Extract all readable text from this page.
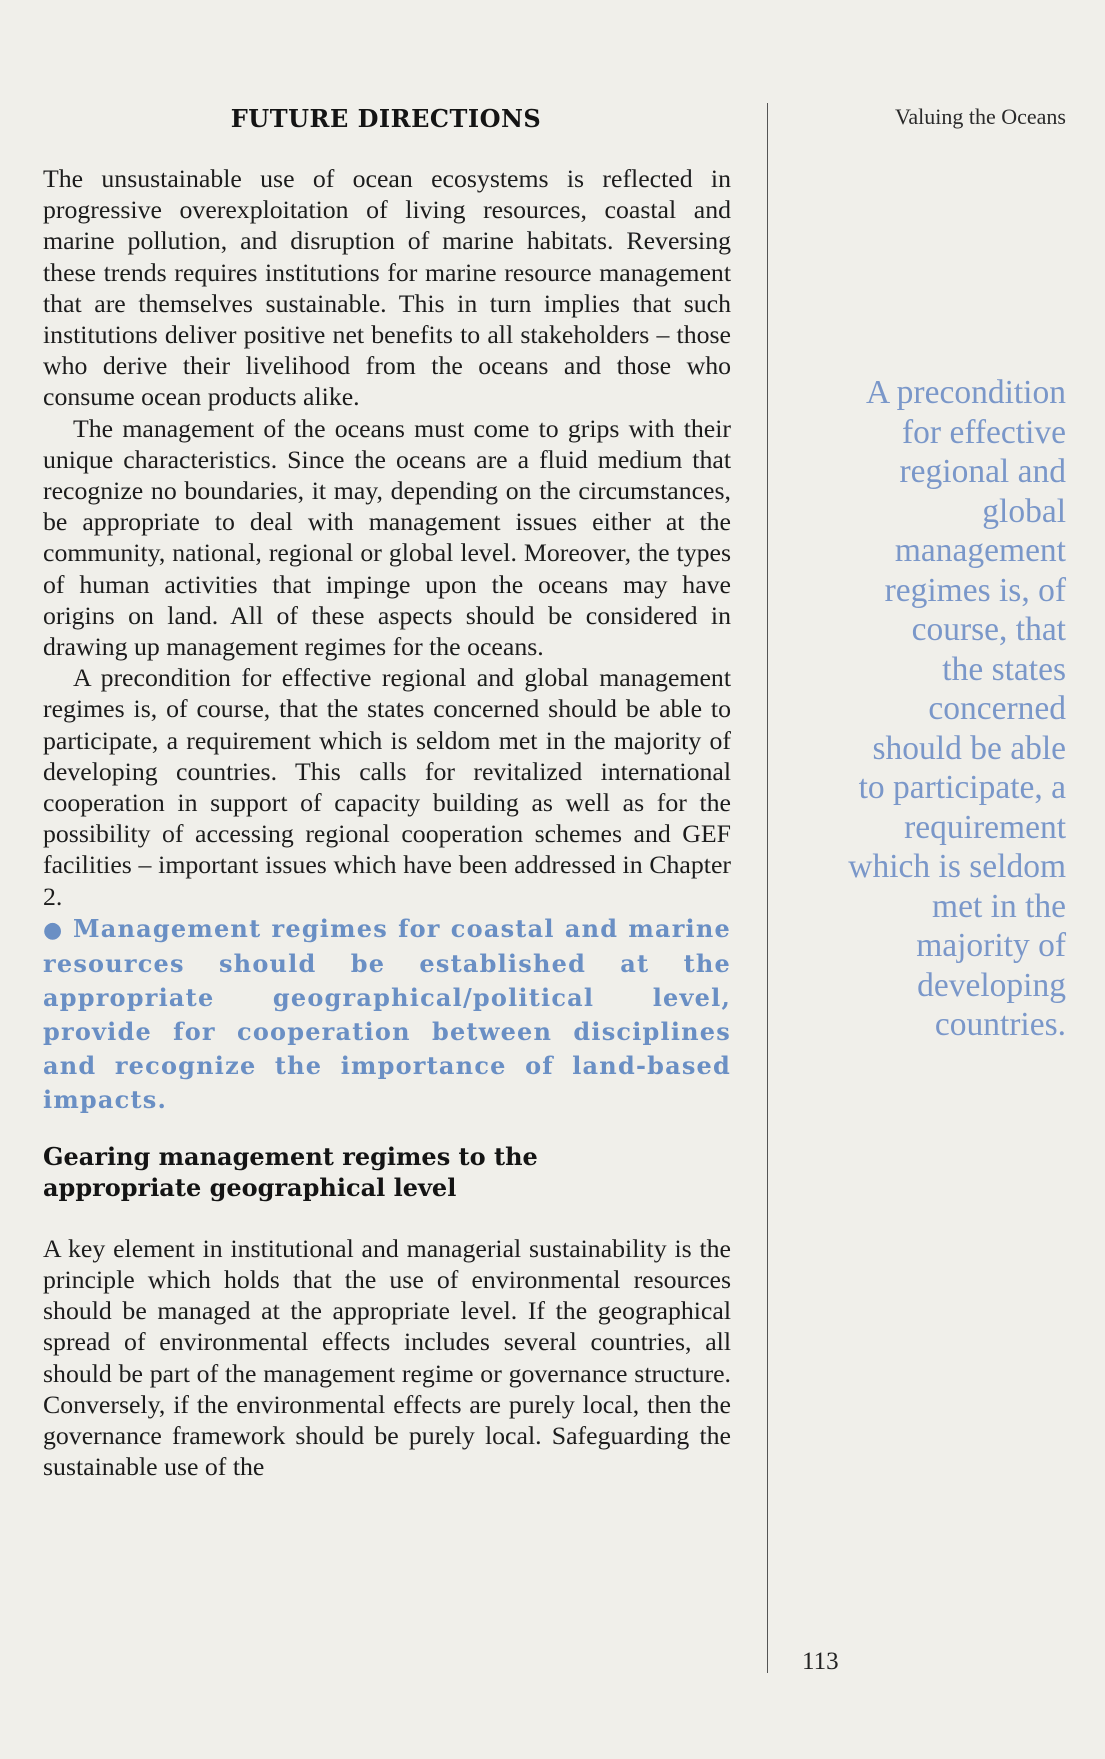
FUTURE DIRECTIONS

The unsustainable use of ocean ecosystems is reflected in progressive overexploitation of living resources, coastal and marine pollution, and disruption of marine habitats. Reversing these trends requires institutions for marine resource management that are themselves sustainable. This in turn implies that such institutions deliver positive net benefits to all stakeholders – those who derive their livelihood from the oceans and those who consume ocean products alike.

The management of the oceans must come to grips with their unique characteristics. Since the oceans are a fluid medium that recognize no boundaries, it may, depending on the circumstances, be appropriate to deal with management issues either at the community, national, regional or global level. Moreover, the types of human activities that impinge upon the oceans may have origins on land. All of these aspects should be considered in drawing up management regimes for the oceans.

A precondition for effective regional and global management regimes is, of course, that the states concerned should be able to participate, a requirement which is seldom met in the majority of developing countries. This calls for revitalized international cooperation in support of capacity building as well as for the possibility of accessing regional cooperation schemes and GEF facilities – important issues which have been addressed in Chapter 2.

● Management regimes for coastal and marine resources should be established at the appropriate geographical/political level, provide for cooperation between disciplines and recognize the importance of land-based impacts.

Gearing management regimes to the
appropriate geographical level

A key element in institutional and managerial sustainability is the principle which holds that the use of environmental resources should be managed at the appropriate level. If the geographical spread of environmental effects includes several countries, all should be part of the management regime or governance structure. Conversely, if the environmental effects are purely local, then the governance framework should be purely local. Safeguarding the sustainable use of the

Valuing the Oceans

A precondition
for effective
regional and
global
management
regimes is, of
course, that
the states
concerned
should be able
to participate, a
requirement
which is seldom
met in the
majority of
developing
countries.

113
